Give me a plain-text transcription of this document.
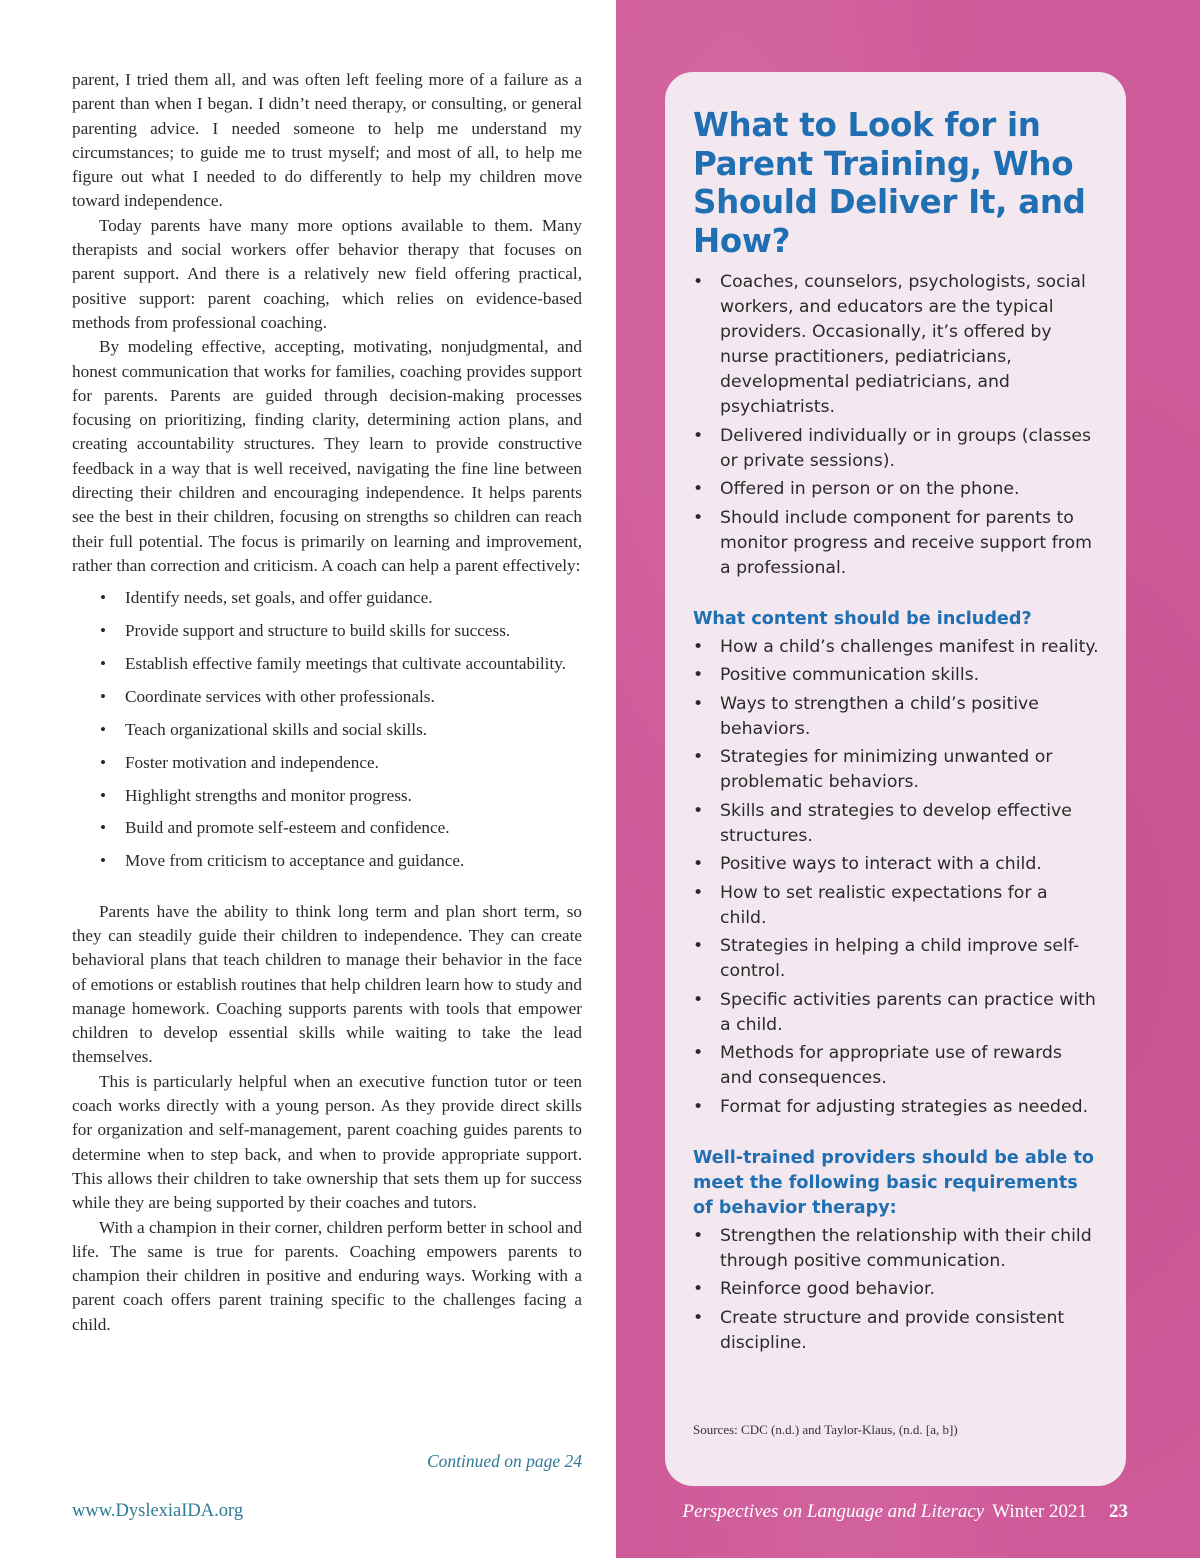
parent, I tried them all, and was often left feeling more of a failure as a parent than when I began. I didn’t need therapy, or consulting, or general parenting advice. I needed someone to help me understand my circumstances; to guide me to trust myself; and most of all, to help me figure out what I needed to do differently to help my children move toward independence.

Today parents have many more options available to them. Many therapists and social workers offer behavior therapy that focuses on parent support. And there is a relatively new field offering practical, positive support: parent coaching, which relies on evidence-based methods from professional coaching.

By modeling effective, accepting, motivating, nonjudgmental, and honest communication that works for families, coaching provides support for parents. Parents are guided through decision-making processes focusing on prioritizing, finding clarity, determining action plans, and creating accountability structures. They learn to provide constructive feedback in a way that is well received, navigating the fine line between directing their children and encouraging independence. It helps parents see the best in their children, focusing on strengths so children can reach their full potential. The focus is primarily on learning and improvement, rather than correction and criticism. A coach can help a parent effectively:

• Identify needs, set goals, and offer guidance.
• Provide support and structure to build skills for success.
• Establish effective family meetings that cultivate accountability.
• Coordinate services with other professionals.
• Teach organizational skills and social skills.
• Foster motivation and independence.
• Highlight strengths and monitor progress.
• Build and promote self-esteem and confidence.
• Move from criticism to acceptance and guidance.

Parents have the ability to think long term and plan short term, so they can steadily guide their children to independence. They can create behavioral plans that teach children to manage their behavior in the face of emotions or establish routines that help children learn how to study and manage homework. Coaching supports parents with tools that empower children to develop essential skills while waiting to take the lead themselves.

This is particularly helpful when an executive function tutor or teen coach works directly with a young person. As they provide direct skills for organization and self-management, parent coaching guides parents to determine when to step back, and when to provide appropriate support. This allows their children to take ownership that sets them up for success while they are being supported by their coaches and tutors.

With a champion in their corner, children perform better in school and life. The same is true for parents. Coaching empowers parents to champion their children in positive and enduring ways. Working with a parent coach offers parent training specific to the challenges facing a child.

Continued on page 24
www.DyslexiaIDA.org
What to Look for in Parent Training, Who Should Deliver It, and How?
• Coaches, counselors, psychologists, social workers, and educators are the typical providers. Occasionally, it’s offered by nurse practitioners, pediatricians, developmental pediatricians, and psychiatrists.
• Delivered individually or in groups (classes or private sessions).
• Offered in person or on the phone.
• Should include component for parents to monitor progress and receive support from a professional.
What content should be included?
• How a child’s challenges manifest in reality.
• Positive communication skills.
• Ways to strengthen a child’s positive behaviors.
• Strategies for minimizing unwanted or problematic behaviors.
• Skills and strategies to develop effective structures.
• Positive ways to interact with a child.
• How to set realistic expectations for a child.
• Strategies in helping a child improve self-control.
• Specific activities parents can practice with a child.
• Methods for appropriate use of rewards and consequences.
• Format for adjusting strategies as needed.
Well-trained providers should be able to meet the following basic requirements of behavior therapy:
• Strengthen the relationship with their child through positive communication.
• Reinforce good behavior.
• Create structure and provide consistent discipline.
Sources: CDC (n.d.) and Taylor-Klaus, (n.d. [a, b])
Perspectives on Language and Literacy Winter 2021 23
